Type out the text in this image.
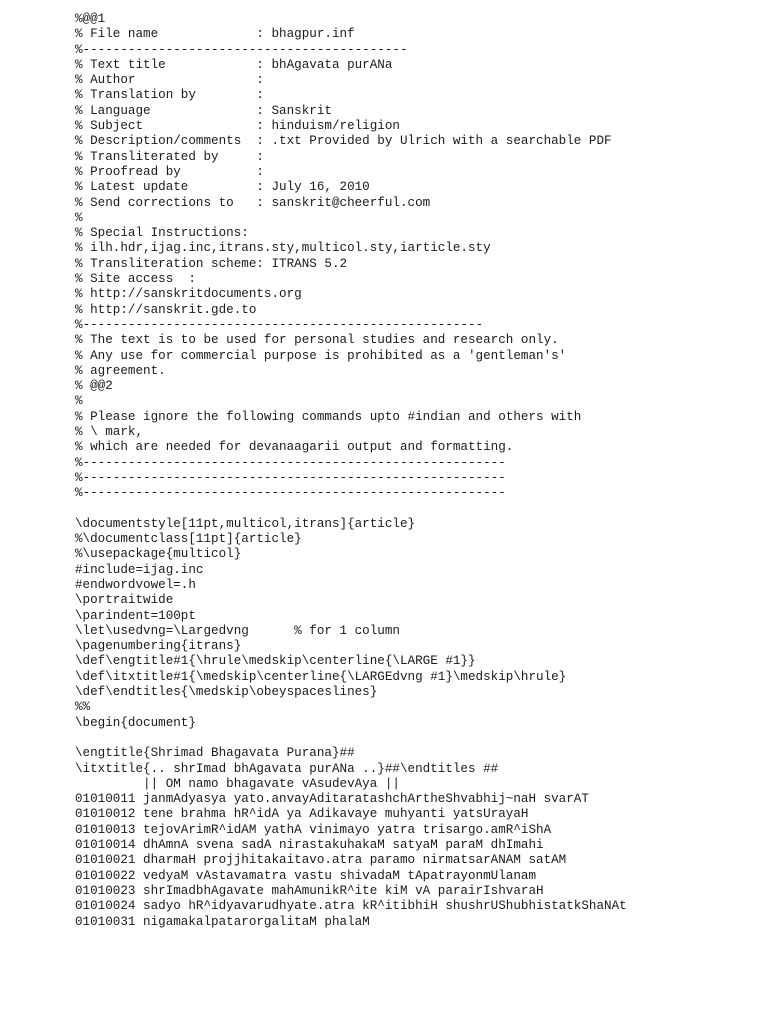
%@@1
% File name             : bhagpur.inf
%-------------------------------------------
% Text title            : bhAgavata purANa
% Author                :
% Translation by        :
% Language              : Sanskrit
% Subject               : hinduism/religion
% Description/comments  : .txt Provided by Ulrich with a searchable PDF
% Transliterated by     :
% Proofread by          :
% Latest update         : July 16, 2010
% Send corrections to   : sanskrit@cheerful.com
%
% Special Instructions:
% ilh.hdr,ijag.inc,itrans.sty,multicol.sty,iarticle.sty
% Transliteration scheme: ITRANS 5.2
% Site access  :
% http://sanskritdocuments.org
% http://sanskrit.gde.to
%-----------------------------------------------------
% The text is to be used for personal studies and research only.
% Any use for commercial purpose is prohibited as a 'gentleman's'
% agreement.
% @@2
%
% Please ignore the following commands upto #indian and others with
% \ mark,
% which are needed for devanaagarii output and formatting.
%--------------------------------------------------------
%--------------------------------------------------------
%--------------------------------------------------------
\documentstyle[11pt,multicol,itrans]{article}
%\documentclass[11pt]{article}
%\usepackage{multicol}
#include=ijag.inc
#endwordvowel=.h
\portraitwide
\parindent=100pt
\let\usedvng=\Largedvng      % for 1 column
\pagenumbering{itrans}
\def\engtitle#1{\hrule\medskip\centerline{\LARGE #1}}
\def\itxtitle#1{\medskip\centerline{\LARGEdvng #1}\medskip\hrule}
\def\endtitles{\medskip\obeyspaceslines}
%%
\begin{document}
\engtitle{Shrimad Bhagavata Purana}##
\itxtitle{.. shrImad bhAgavata purANa ..}##\endtitles ##
|| OM namo bhagavate vAsudevAya ||
01010011 janmAdyasya yato.anvayAditaratashchArtheShvabhij~naH svarAT
01010012 tene brahma hR^idA ya Adikavaye muhyanti yatsUrayaH
01010013 tejovArimR^idAM yathA vinimayo yatra trisargo.amR^iShA
01010014 dhAmnA svena sadA nirastakuhakaM satyaM paraM dhImahi
01010021 dharmaH projjhitakaitavo.atra paramo nirmatsarANAM satAM
01010022 vedyaM vAstavamatra vastu shivadaM tApatrayonmUlanam
01010023 shrImadbhAgavate mahAmunikR^ite kiM vA parairIshvaraH
01010024 sadyo hR^idyavarudhyate.atra kR^itibhiH shushrUShubhistatkShaNAt
01010031 nigamakalpatarorgalitaM phalaM
